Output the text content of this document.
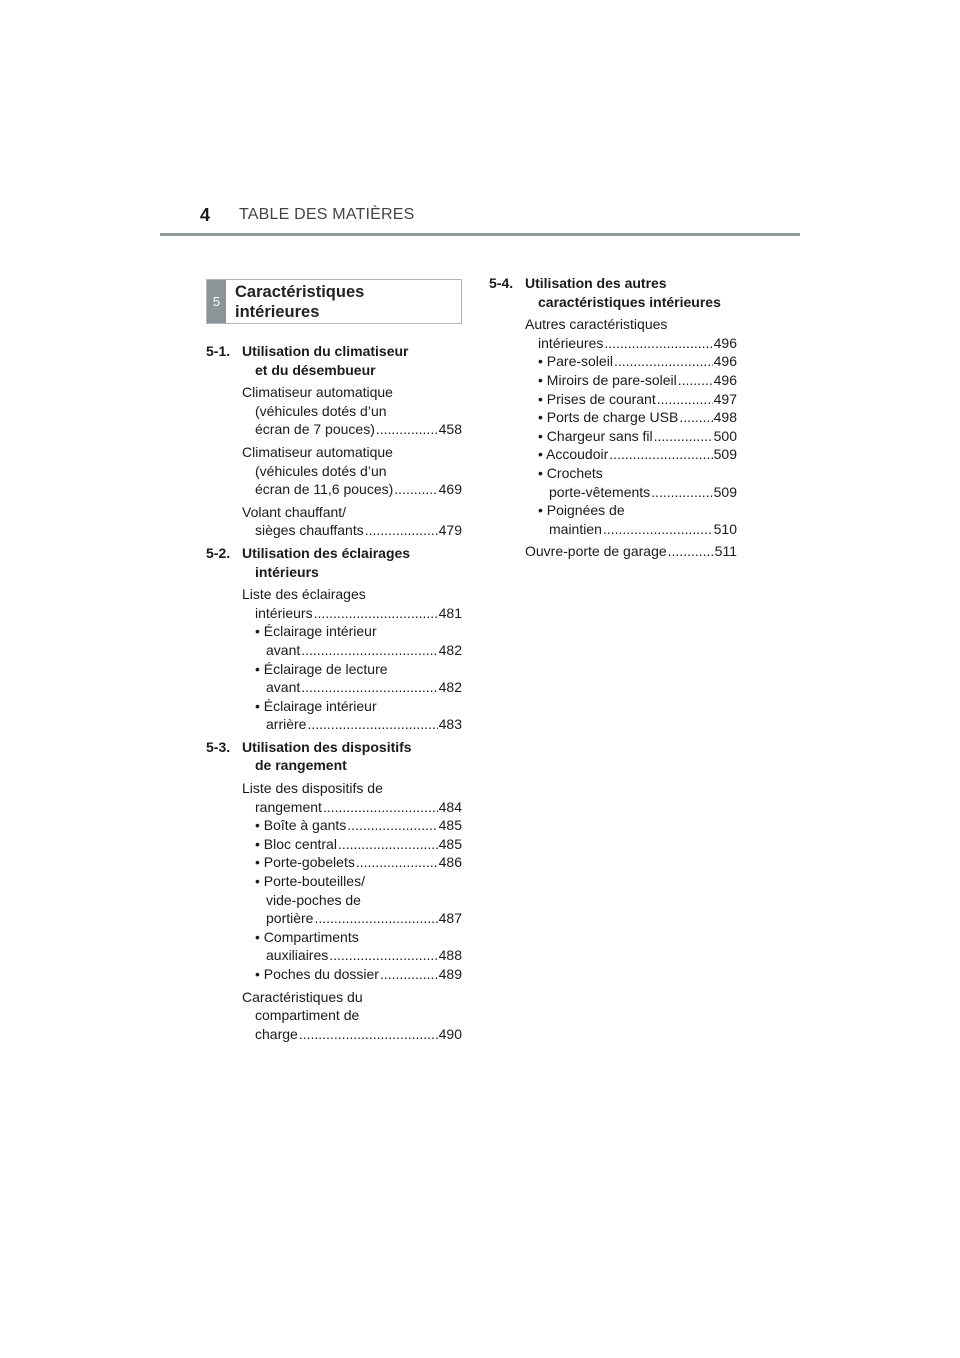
4 TABLE DES MATIÈRES
5
Caractéristiques
intérieures
5-1. Utilisation du climatiseur
et du désembueur
Climatiseur automatique
(véhicules dotés d’un
écran de 7 pouces) .....	458
Climatiseur automatique
(véhicules dotés d’un
écran de 11,6 pouces) .....	469
Volant chauffant/
sièges chauffants .....	479
5-2. Utilisation des éclairages
intérieurs
Liste des éclairages
intérieurs .....	481
• Éclairage intérieur
avant .....	482
• Éclairage de lecture
avant .....	482
• Éclairage intérieur
arrière .....	483
5-3. Utilisation des dispositifs
de rangement
Liste des dispositifs de
rangement .....	484
• Boîte à gants .....	485
• Bloc central .....	485
• Porte-gobelets .....	486
• Porte-bouteilles/
vide-poches de
portière .....	487
• Compartiments
auxiliaires .....	488
• Poches du dossier .....	489
Caractéristiques du
compartiment de
charge .....	490
5-4. Utilisation des autres
caractéristiques intérieures
Autres caractéristiques
intérieures .....	496
• Pare-soleil .....	496
• Miroirs de pare-soleil .....	496
• Prises de courant .....	497
• Ports de charge USB .....	498
• Chargeur sans fil .....	500
• Accoudoir .....	509
• Crochets
porte-vêtements .....	509
• Poignées de
maintien .....	510
Ouvre-porte de garage .....	511
